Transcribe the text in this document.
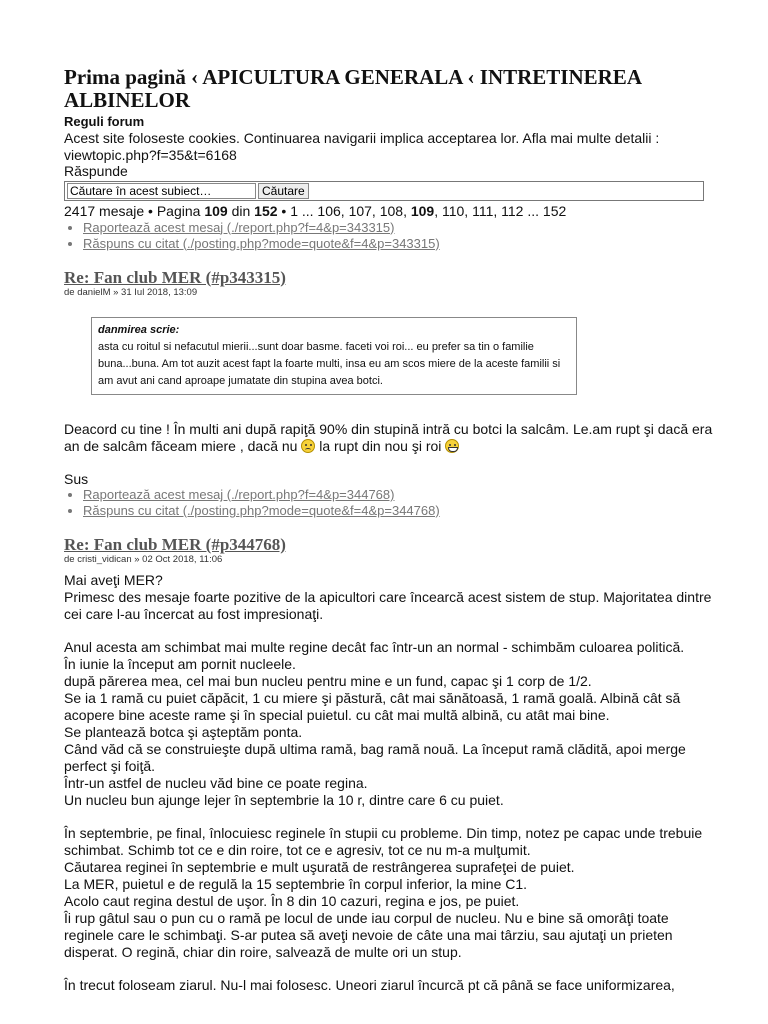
Prima pagină ‹ APICULTURA GENERALA ‹ INTRETINEREA ALBINELOR
Reguli forum
Acest site foloseste cookies. Continuarea navigarii implica acceptarea lor. Afla mai multe detalii : viewtopic.php?f=35&t=6168
Răspunde
Căutare în acest subiect…
Căutare
2417 mesaje • Pagina 109 din 152 • 1 ... 106, 107, 108, 109, 110, 111, 112 ... 152
• Raportează acest mesaj (./report.php?f=4&p=343315)
• Răspuns cu citat (./posting.php?mode=quote&f=4&p=343315)
Re: Fan club MER (#p343315)
de danielM » 31 Iul 2018, 13:09
danmirea scrie:
asta cu roitul si nefacutul mierii...sunt doar basme. faceti voi roi... eu prefer sa tin o familie buna...buna. Am tot auzit acest fapt la foarte multi, insa eu am scos miere de la aceste familii si am avut ani cand aproape jumatate din stupina avea botci.
Deacord cu tine ! În multi ani după rapiţă 90% din stupină intră cu botci la salcâm. Le.am rupt şi dacă era an de salcâm făceam miere , dacă nu  la rupt din nou şi roi
Sus
• Raportează acest mesaj (./report.php?f=4&p=344768)
• Răspuns cu citat (./posting.php?mode=quote&f=4&p=344768)
Re: Fan club MER (#p344768)
de cristi_vidican » 02 Oct 2018, 11:06
Mai aveţi MER?
Primesc des mesaje foarte pozitive de la apicultori care încearcă acest sistem de stup. Majoritatea dintre cei care l-au încercat au fost impresionaţi.
Anul acesta am schimbat mai multe regine decât fac într-un an normal - schimbăm culoarea politică.
În iunie la început am pornit nucleele.
după părerea mea, cel mai bun nucleu pentru mine e un fund, capac şi 1 corp de 1/2.
Se ia 1 ramă cu puiet căpăcit, 1 cu miere şi păstură, cât mai sănătoasă, 1 ramă goală. Albină cât să acopere bine aceste rame şi în special puietul. cu cât mai multă albină, cu atât mai bine.
Se plantează botca şi aşteptăm ponta.
Când văd că se construieşte după ultima ramă, bag ramă nouă. La început ramă clădită, apoi merge perfect şi foiţă.
Într-un astfel de nucleu văd bine ce poate regina.
Un nucleu bun ajunge lejer în septembrie la 10 r, dintre care 6 cu puiet.
În septembrie, pe final, înlocuiesc reginele în stupii cu probleme. Din timp, notez pe capac unde trebuie schimbat. Schimb tot ce e din roire, tot ce e agresiv, tot ce nu m-a mulţumit.
Căutarea reginei în septembrie e mult uşurată de restrângerea suprafeţei de puiet.
La MER, puietul e de regulă la 15 septembrie în corpul inferior, la mine C1.
Acolo caut regina destul de uşor. În 8 din 10 cazuri, regina e jos, pe puiet.
Îi rup gâtul sau o pun cu o ramă pe locul de unde iau corpul de nucleu. Nu e bine să omorâţi toate reginele care le schimbaţi. S-ar putea să aveţi nevoie de câte una mai târziu, sau ajutaţi un prieten disperat. O regină, chiar din roire, salvează de multe ori un stup.
În trecut foloseam ziarul. Nu-l mai folosesc. Uneori ziarul încurcă pt că până se face uniformizarea,
